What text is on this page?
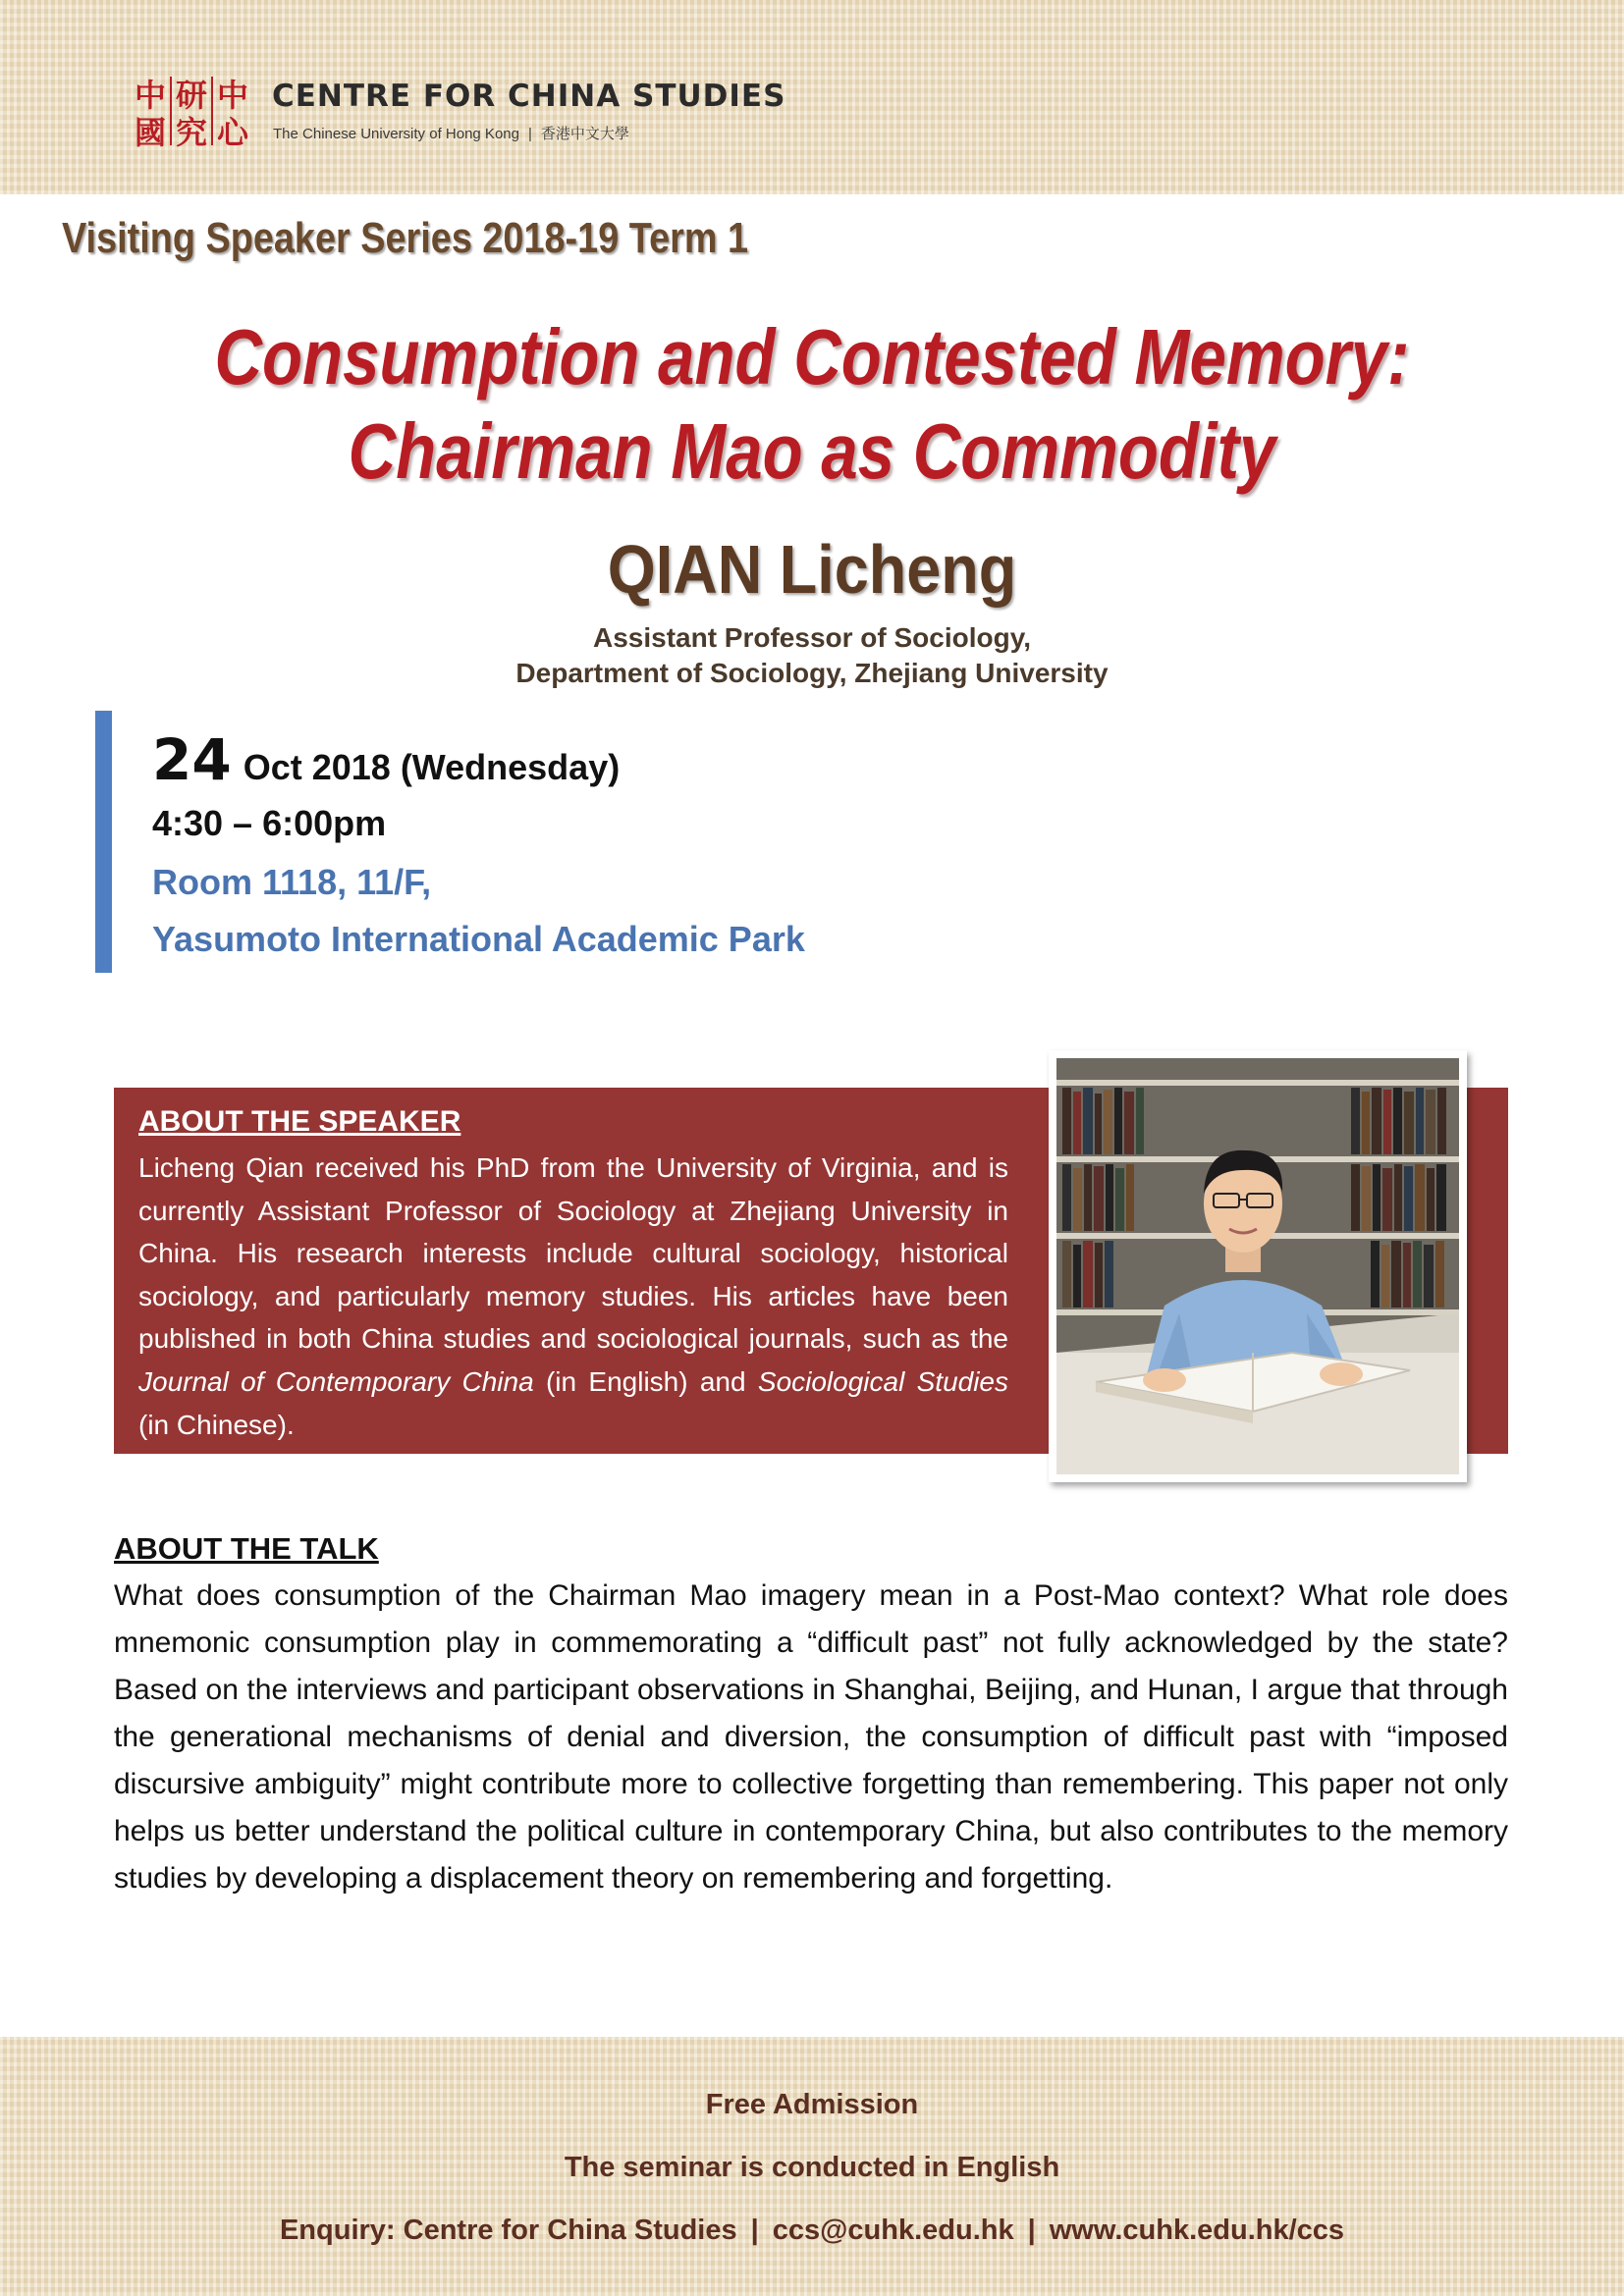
中
國
研
究
中
心
CENTRE FOR CHINA STUDIES
The Chinese University of Hong Kong | 香港中文大學
Visiting Speaker Series 2018-19 Term 1
Consumption and Contested Memory:
Chairman Mao as Commodity
QIAN Licheng
Assistant Professor of Sociology,
Department of Sociology, Zhejiang University
24 Oct 2018 (Wednesday)
4:30 – 6:00pm
Room 1118, 11/F,
Yasumoto International Academic Park
ABOUT THE SPEAKER
Licheng Qian received his PhD from the University of Virginia, and is currently Assistant Professor of Sociology at Zhejiang University in China. His research interests include cultural sociology, historical sociology, and particularly memory studies. His articles have been published in both China studies and sociological journals, such as the Journal of Contemporary China (in English) and Sociological Studies (in Chinese).
ABOUT THE TALK
What does consumption of the Chairman Mao imagery mean in a Post-Mao context? What role does mnemonic consumption play in commemorating a “difficult past” not fully acknowledged by the state? Based on the interviews and participant observations in Shanghai, Beijing, and Hunan, I argue that through the generational mechanisms of denial and diversion, the consumption of difficult past with “imposed discursive ambiguity” might contribute more to collective forgetting than remembering. This paper not only helps us better understand the political culture in contemporary China, but also contributes to the memory studies by developing a displacement theory on remembering and forgetting.
Free Admission
The seminar is conducted in English
Enquiry: Centre for China Studies | ccs@cuhk.edu.hk | www.cuhk.edu.hk/ccs
